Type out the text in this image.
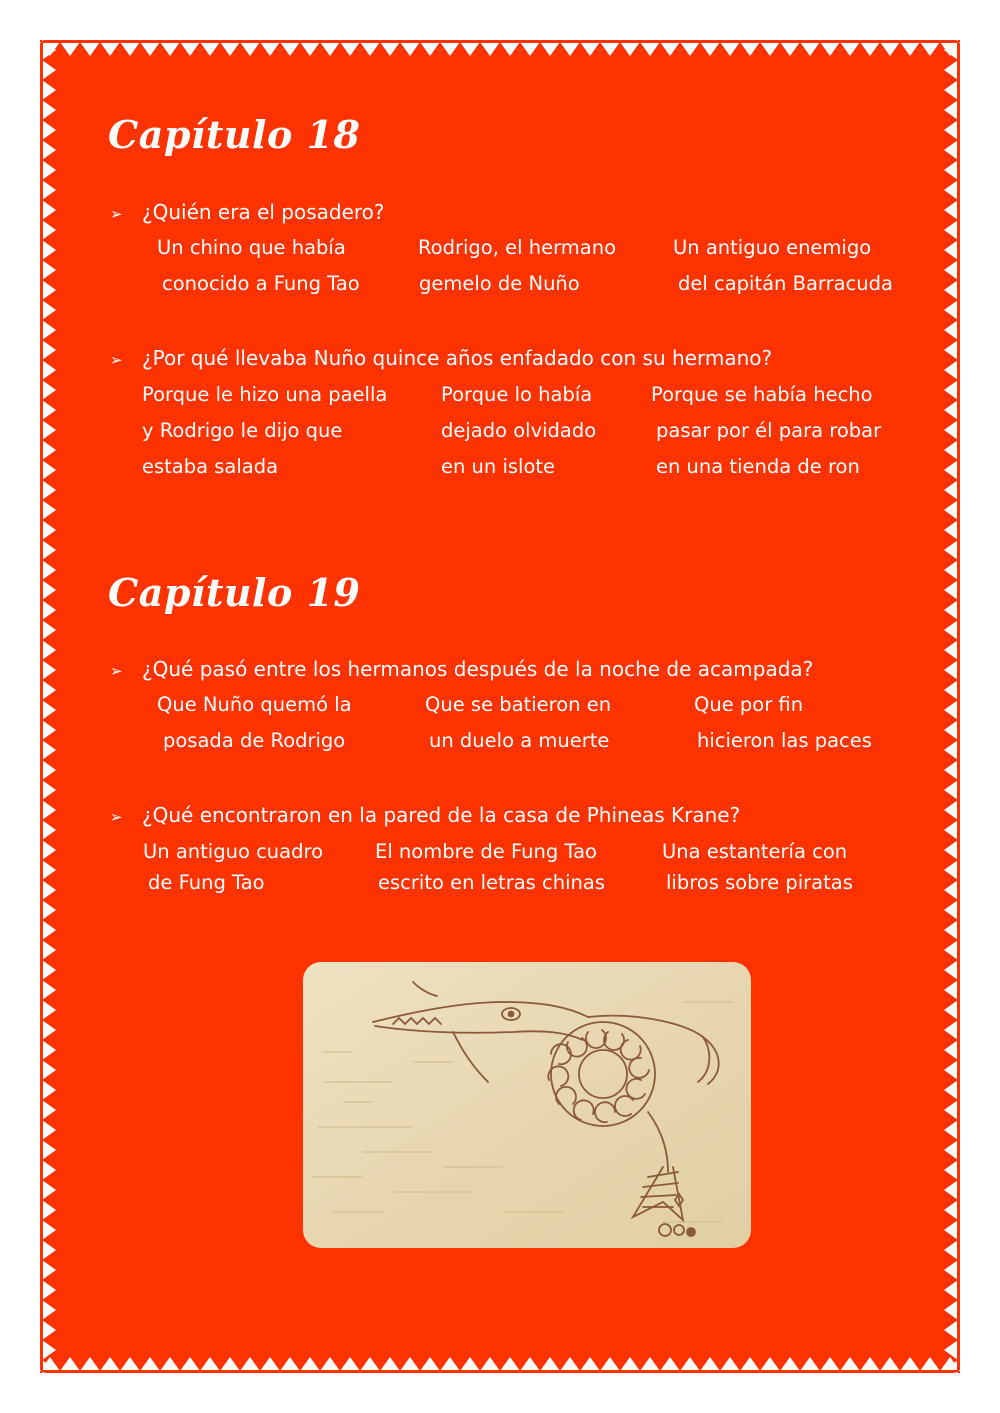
Capítulo 18

➢ ¿Quién era el posadero?

Un chino que había

conocido a Fung Tao

Rodrigo, el hermano

gemelo de Nuño

Un antiguo enemigo

del capitán Barracuda

➢ ¿Por qué llevaba Nuño quince años enfadado con su hermano?

Porque le hizo una paella

y Rodrigo le dijo que

estaba salada

Porque lo había

dejado olvidado

en un islote

Porque se había hecho

pasar por él para robar

en una tienda de ron

Capítulo 19

➢ ¿Qué pasó entre los hermanos después de la noche de acampada?

Que Nuño quemó la

posada de Rodrigo

Que se batieron en

un duelo a muerte

Que por fin

hicieron las paces

➢ ¿Qué encontraron en la pared de la casa de Phineas Krane?

Un antiguo cuadro

de Fung Tao

El nombre de Fung Tao

escrito en letras chinas

Una estantería con

libros sobre piratas
